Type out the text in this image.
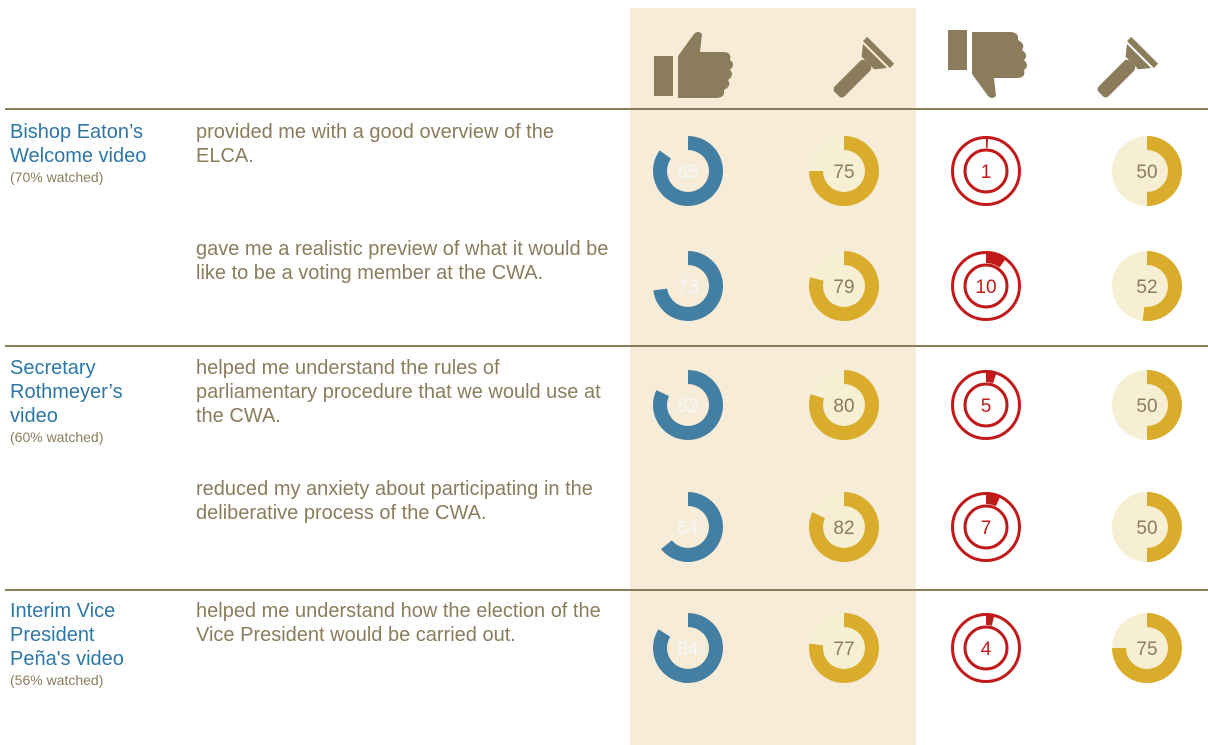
Bishop Eaton’s Welcome video
(70% watched)
Secretary Rothmeyer’s video
(60% watched)
Interim Vice President Peña's video
(56% watched)
provided me with a good overview of the ELCA.
gave me a realistic preview of what it would be like to be a voting member at the CWA.
helped me understand the rules of parliamentary procedure that we would use at the CWA.
reduced my anxiety about participating in the deliberative process of the CWA.
helped me understand how the election of the Vice President would be carried out.
85
73
82
64
84
75
79
80
82
77
1
10
5
7
4
50
52
50
50
75
